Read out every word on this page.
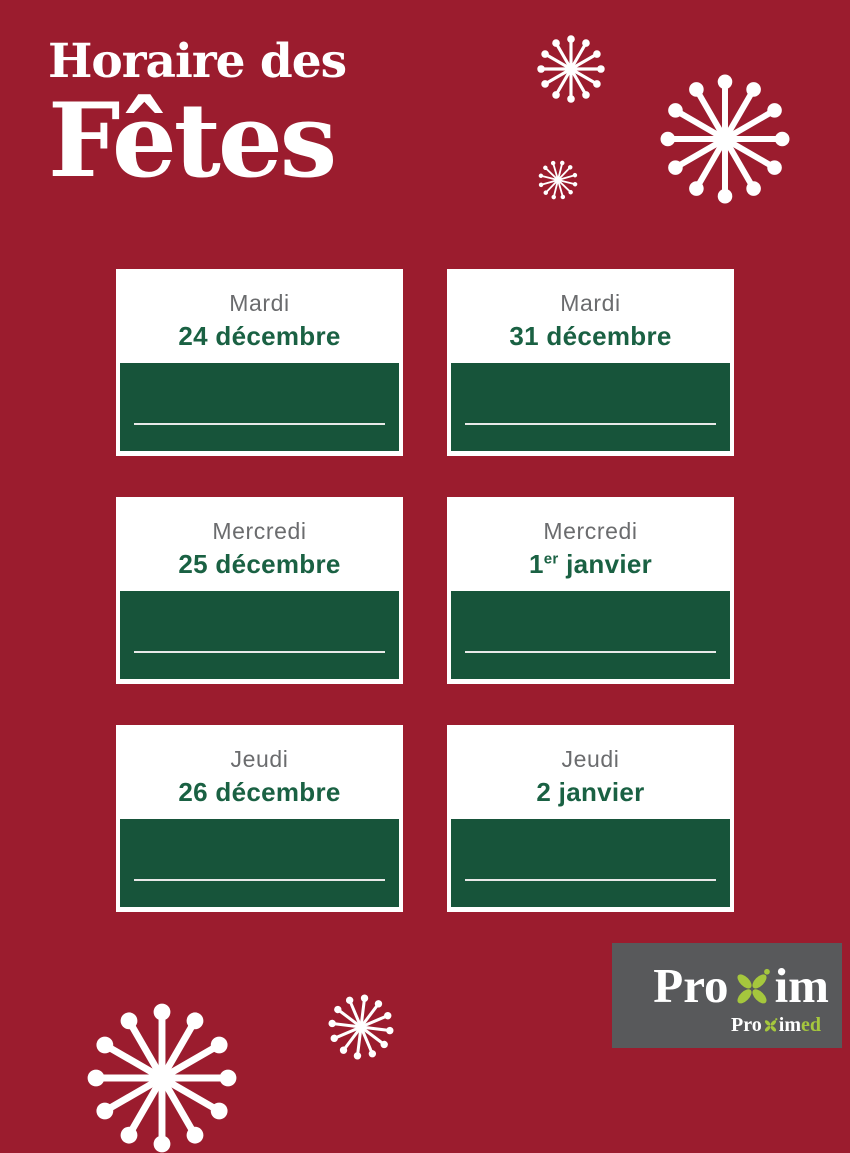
Horaire des
Fêtes
Mardi
24 décembre
Mardi
31 décembre
Mercredi
25 décembre
Mercredi
1er janvier
Jeudi
26 décembre
Jeudi
2 janvier
Pro im
Pro im ed
